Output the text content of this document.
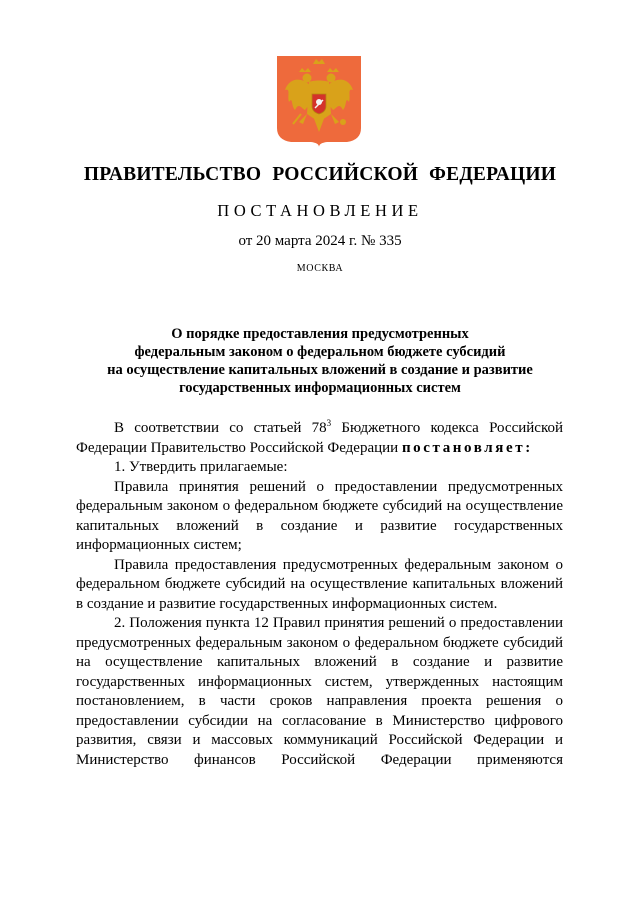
ПРАВИТЕЛЬСТВО РОССИЙСКОЙ ФЕДЕРАЦИИ
ПОСТАНОВЛЕНИЕ
от 20 марта 2024 г. № 335
МОСКВА
О порядке предоставления предусмотренных
федеральным законом о федеральном бюджете субсидий
на осуществление капитальных вложений в создание и развитие
государственных информационных систем

В соответствии со статьей $78^3$ Бюджетного кодекса Российской Федерации Правительство Российской Федерации постановляет:

1. Утвердить прилагаемые:

Правила принятия решений о предоставлении предусмотренных федеральным законом о федеральном бюджете субсидий на осуществление капитальных вложений в создание и развитие государственных информационных систем;

Правила предоставления предусмотренных федеральным законом о федеральном бюджете субсидий на осуществление капитальных вложений в создание и развитие государственных информационных систем.

2. Положения пункта 12 Правил принятия решений о предоставлении предусмотренных федеральным законом о федеральном бюджете субсидий на осуществление капитальных вложений в создание и развитие государственных информационных систем, утвержденных настоящим постановлением, в части сроков направления проекта решения о предоставлении субсидии на согласование в Министерство цифрового развития, связи и массовых коммуникаций Российской Федерации и Министерство финансов Российской Федерации применяются
